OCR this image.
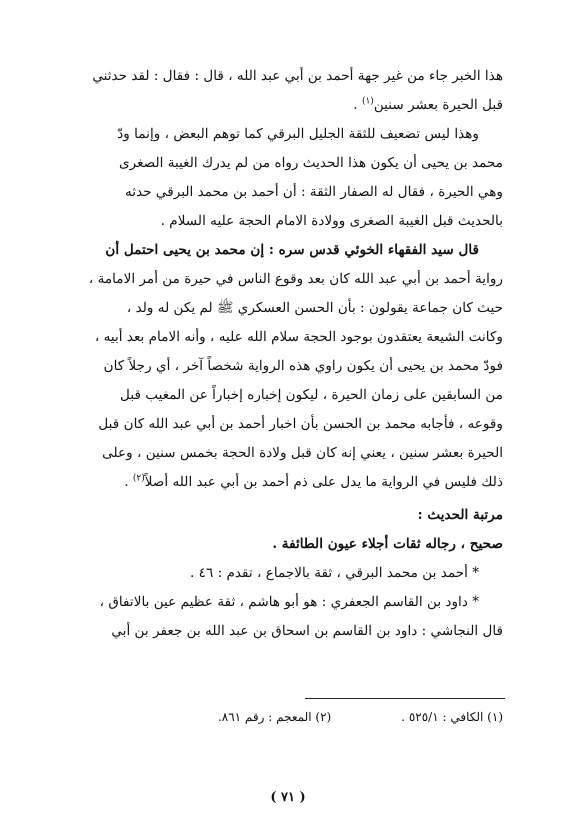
هذا الخبر جاء من غير جهة أحمد بن أبي عبد الله ، قال : فقال : لقد حدثني
قبل الحيرة بعشر سنين$^{(١)}$ .
وهذا ليس تضعيف للثقة الجليل البرقي كما توهم البعض ، وإنما ودّ
محمد بن يحيى أن يكون هذا الحديث رواه من لم يدرك الغيبة الصغرى
وهي الحيرة ، فقال له الصفار الثقة : أن أحمد بن محمد البرقي حدثه
بالحديث قبل الغيبة الصغرى وولادة الامام الحجة عليه السلام .
قال سيد الفقهاء الخوئي قدس سره : إن محمد بن يحيى احتمل أن
رواية أحمد بن أبي عبد الله كان بعد وقوع الناس في حيرة من أمر الامامة ،
حيث كان جماعة يقولون : بأن الحسن العسكري ﷺ لم يكن له ولد ،
وكانت الشيعة يعتقدون بوجود الحجة سلام الله عليه ، وأنه الامام بعد أبيه ،
فودّ محمد بن يحيى أن يكون راوي هذه الرواية شخصاً آخر ، أي رجلاً كان
من السابقين على زمان الحيرة ، ليكون إخباره إخباراً عن المغيب قبل
وقوعه ، فأجابه محمد بن الحسن بأن اخبار أحمد بن أبي عبد الله كان قبل
الحيرة بعشر سنين ، يعني إنه كان قبل ولادة الحجة بخمس سنين ، وعلى
ذلك فليس في الرواية ما يدل على ذم أحمد بن أبي عبد الله أصلاً$^{(٢)}$ .
مرتبة الحديث :
صحيح ، رجاله ثقات أجلاء عيون الطائفة .
* أحمد بن محمد البرقي ، ثقة بالاجماع ، تقدم : ٤٦ .
* داود بن القاسم الجعفري : هو أبو هاشم ، ثقة عظيم عين بالاتفاق ،
قال النجاشي : داود بن القاسم بن اسحاق بن عبد الله بن جعفر بن أبي
(١) الكافي : ٥٢٥/١ .
(٢) المعجم : رقم ٨٦١.
( ٧١ )
